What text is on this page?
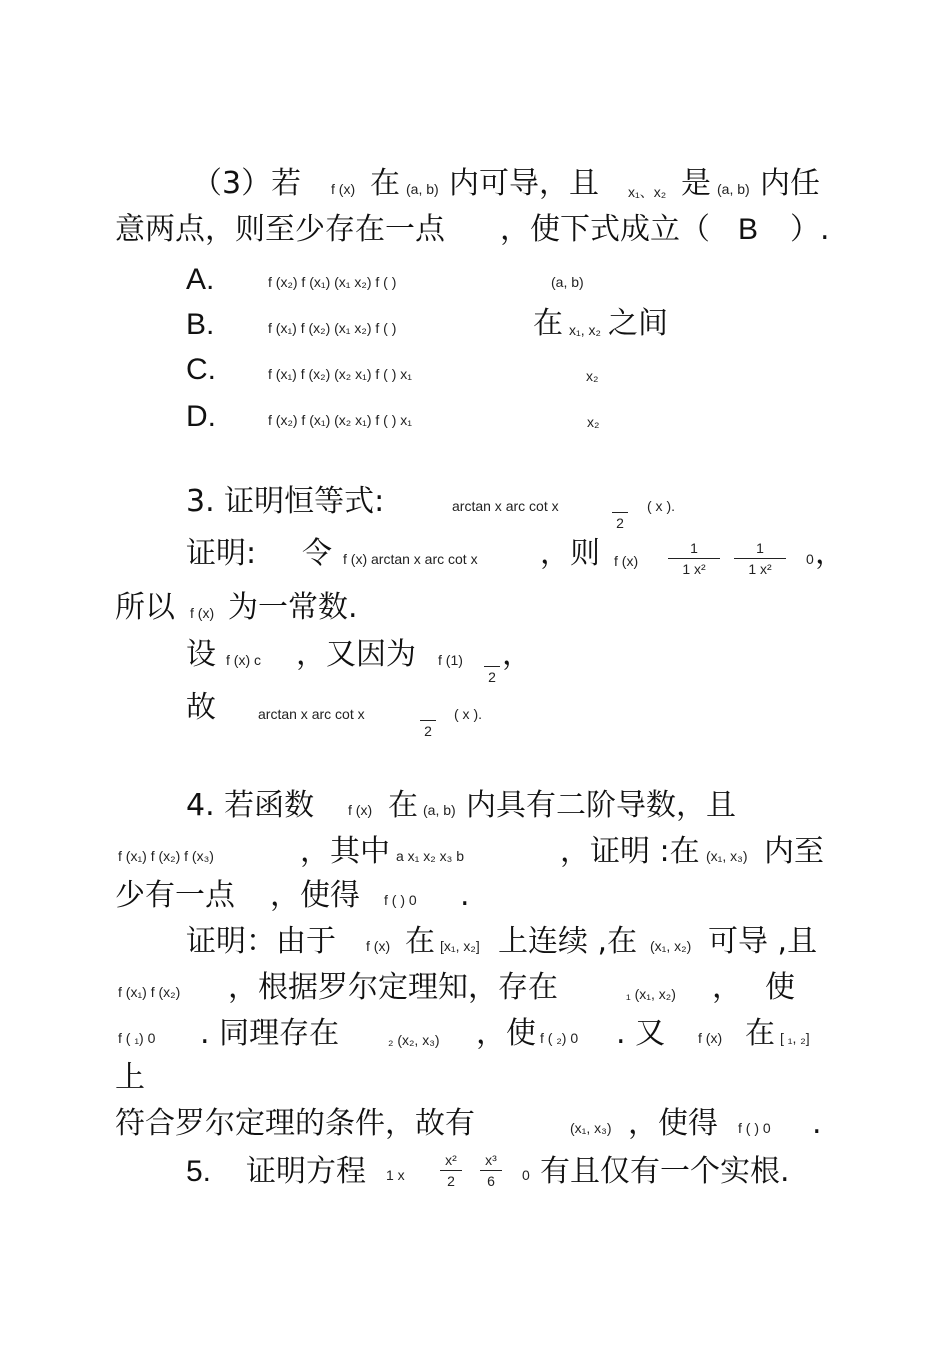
（3）若 f (x) 在 (a, b) 内可导，且 x₁、x₂ 是 (a, b) 内任
意两点，则至少存在一点 ，使下式成立（ B ）.
A.	f (x₂) f (x₁) (x₁ x₂) f ( )	(a, b)
B.	f (x₁) f (x₂) (x₁ x₂) f ( )	在 x₁, x₂ 之间
C.	f (x₁) f (x₂) (x₂ x₁) f ( ) x₁	x₂
D.	f (x₂) f (x₁) (x₂ x₁) f ( ) x₁	x₂
3. 证明恒等式:	arctan x arc cot x

2
( x ).
证明: 令 f (x) arctan x arc cot x ，则 f (x)
1
1 x²
1
1 x²
0 ，
所以 f (x) 为一常数.
设 f (x) c ，又因为 f (1)

2
，
故	arctan x arc cot x

2
( x ).
4. 若函数 f (x) 在 (a, b) 内具有二阶导数，且
f (x₁) f (x₂) f (x₃)	，其中 a x₁ x₂ x₃ b	，证明 :在 (x₁, x₃) 内至
少有一点 ，使得 f ( ) 0 .
证明：由于 f (x) 在 [x₁, x₂] 上连续 ,在 (x₁, x₂) 可导 ,且
f (x₁) f (x₂) ，根据罗尔定理知，存在	₁ (x₁, x₂) ， 使
f ( ₁) 0 . 同理存在	₂ (x₂, x₃) ，使 f ( ₂) 0 . 又 f (x) 在 [ ₁, ₂]
上
符合罗尔定理的条件，故有	(x₁, x₃) ，使得 f ( ) 0 .
5. 证明方程 1 x
x²
2
x³
6	0 有且仅有一个实根.
